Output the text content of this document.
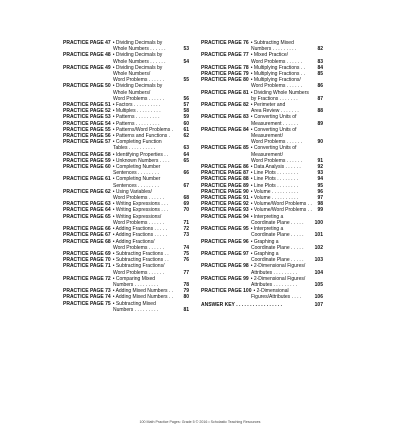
PRACTICE PAGE 47 • Dividing Decimals by
Whole Numbers . . . . . .	53
PRACTICE PAGE 48 • Dividing Decimals by
Whole Numbers . . . . . .	54
PRACTICE PAGE 49 • Dividing Decimals by
Whole Numbers/
Word Problems . . . . . .	55
PRACTICE PAGE 50 • Dividing Decimals by
Whole Numbers/
Word Problems . . . . . .	56
PRACTICE PAGE 51 • Factors . . . . . . . . . .	57
PRACTICE PAGE 52 • Multiples . . . . . . . . .	58
PRACTICE PAGE 53 • Patterns . . . . . . . . .	59
PRACTICE PAGE 54 • Patterns . . . . . . . . .	60
PRACTICE PAGE 55 • Patterns/Word Problems .	61
PRACTICE PAGE 56 • Patterns and Functions .	62
PRACTICE PAGE 57 • Completing Function
Tables . . . . . . . . . .	63
PRACTICE PAGE 58 • Identifying Properties . .	64
PRACTICE PAGE 59 • Unknown Numbers . . . .	65
PRACTICE PAGE 60 • Completing Number
Sentences . . . . . . . .	66
PRACTICE PAGE 61 • Completing Number
Sentences . . . . . . . .	67
PRACTICE PAGE 62 • Using Variables/
Word Problems . . . . . .	68
PRACTICE PAGE 63 • Writing Expressions . . .	69
PRACTICE PAGE 64 • Writing Expressions . . .	70
PRACTICE PAGE 65 • Writing Expressions/
Word Problems . . . . . .	71
PRACTICE PAGE 66 • Adding Fractions . . . . .	72
PRACTICE PAGE 67 • Adding Fractions . . . . .	73
PRACTICE PAGE 68 • Adding Fractions/
Word Problems . . . . . .	74
PRACTICE PAGE 69 • Subtracting Fractions . .	75
PRACTICE PAGE 70 • Subtracting Fractions . .	76
PRACTICE PAGE 71 • Subtracting Fractions/
Word Problems . . . . . .	77
PRACTICE PAGE 72 • Comparing Mixed
Numbers . . . . . . . . .	78
PRACTICE PAGE 73 • Adding Mixed Numbers . .	79
PRACTICE PAGE 74 • Adding Mixed Numbers . .	80
PRACTICE PAGE 75 • Subtracting Mixed
Numbers . . . . . . . . .	81
PRACTICE PAGE 76 • Subtracting Mixed
Numbers . . . . . . . . .	82
PRACTICE PAGE 77 • Mixed Practice/
Word Problems . . . . . .	83
PRACTICE PAGE 78 • Multiplying Fractions . .	84
PRACTICE PAGE 79 • Multiplying Fractions . .	85
PRACTICE PAGE 80 • Multiplying Fractions/
Word Problems . . . . . .	86
PRACTICE PAGE 81 • Dividing Whole Numbers
by Fractions . . . . . . .	87
PRACTICE PAGE 82 • Perimeter and
Area Review . . . . . . .	88
PRACTICE PAGE 83 • Converting Units of
Measurement . . . . . .	89
PRACTICE PAGE 84 • Converting Units of
Measurement/
Word Problems . . . . . .	90
PRACTICE PAGE 85 • Converting Units of
Measurement/
Word Problems . . . . . .	91
PRACTICE PAGE 86 • Data Analysis . . . . . .	92
PRACTICE PAGE 87 • Line Plots . . . . . . . .	93
PRACTICE PAGE 88 • Line Plots . . . . . . . .	94
PRACTICE PAGE 89 • Line Plots . . . . . . . .	95
PRACTICE PAGE 90 • Volume . . . . . . . . . .	96
PRACTICE PAGE 91 • Volume . . . . . . . . . .	97
PRACTICE PAGE 92 • Volume/Word Problems . .	98
PRACTICE PAGE 93 • Volume/Word Problems . .	99
PRACTICE PAGE 94 • Interpreting a
Coordinate Plane . . . . .	100
PRACTICE PAGE 95 • Interpreting a
Coordinate Plane . . . . .	101
PRACTICE PAGE 96 • Graphing a
Coordinate Plane . . . . .	102
PRACTICE PAGE 97 • Graphing a
Coordinate Plane . . . . .	103
PRACTICE PAGE 98 • 2-Dimensional Figures/
Attributes . . . . . . . . .	104
PRACTICE PAGE 99 • 2-Dimensional Figures/
Attributes . . . . . . . . .	105
PRACTICE PAGE 100 • 2-Dimensional
Figures/Attributes . . . .	106
ANSWER KEY . . . . . . . . . . . . . . . . .	107
100 Math Practice Pages: Grade 5 © 2016 • Scholastic Teaching Resources
